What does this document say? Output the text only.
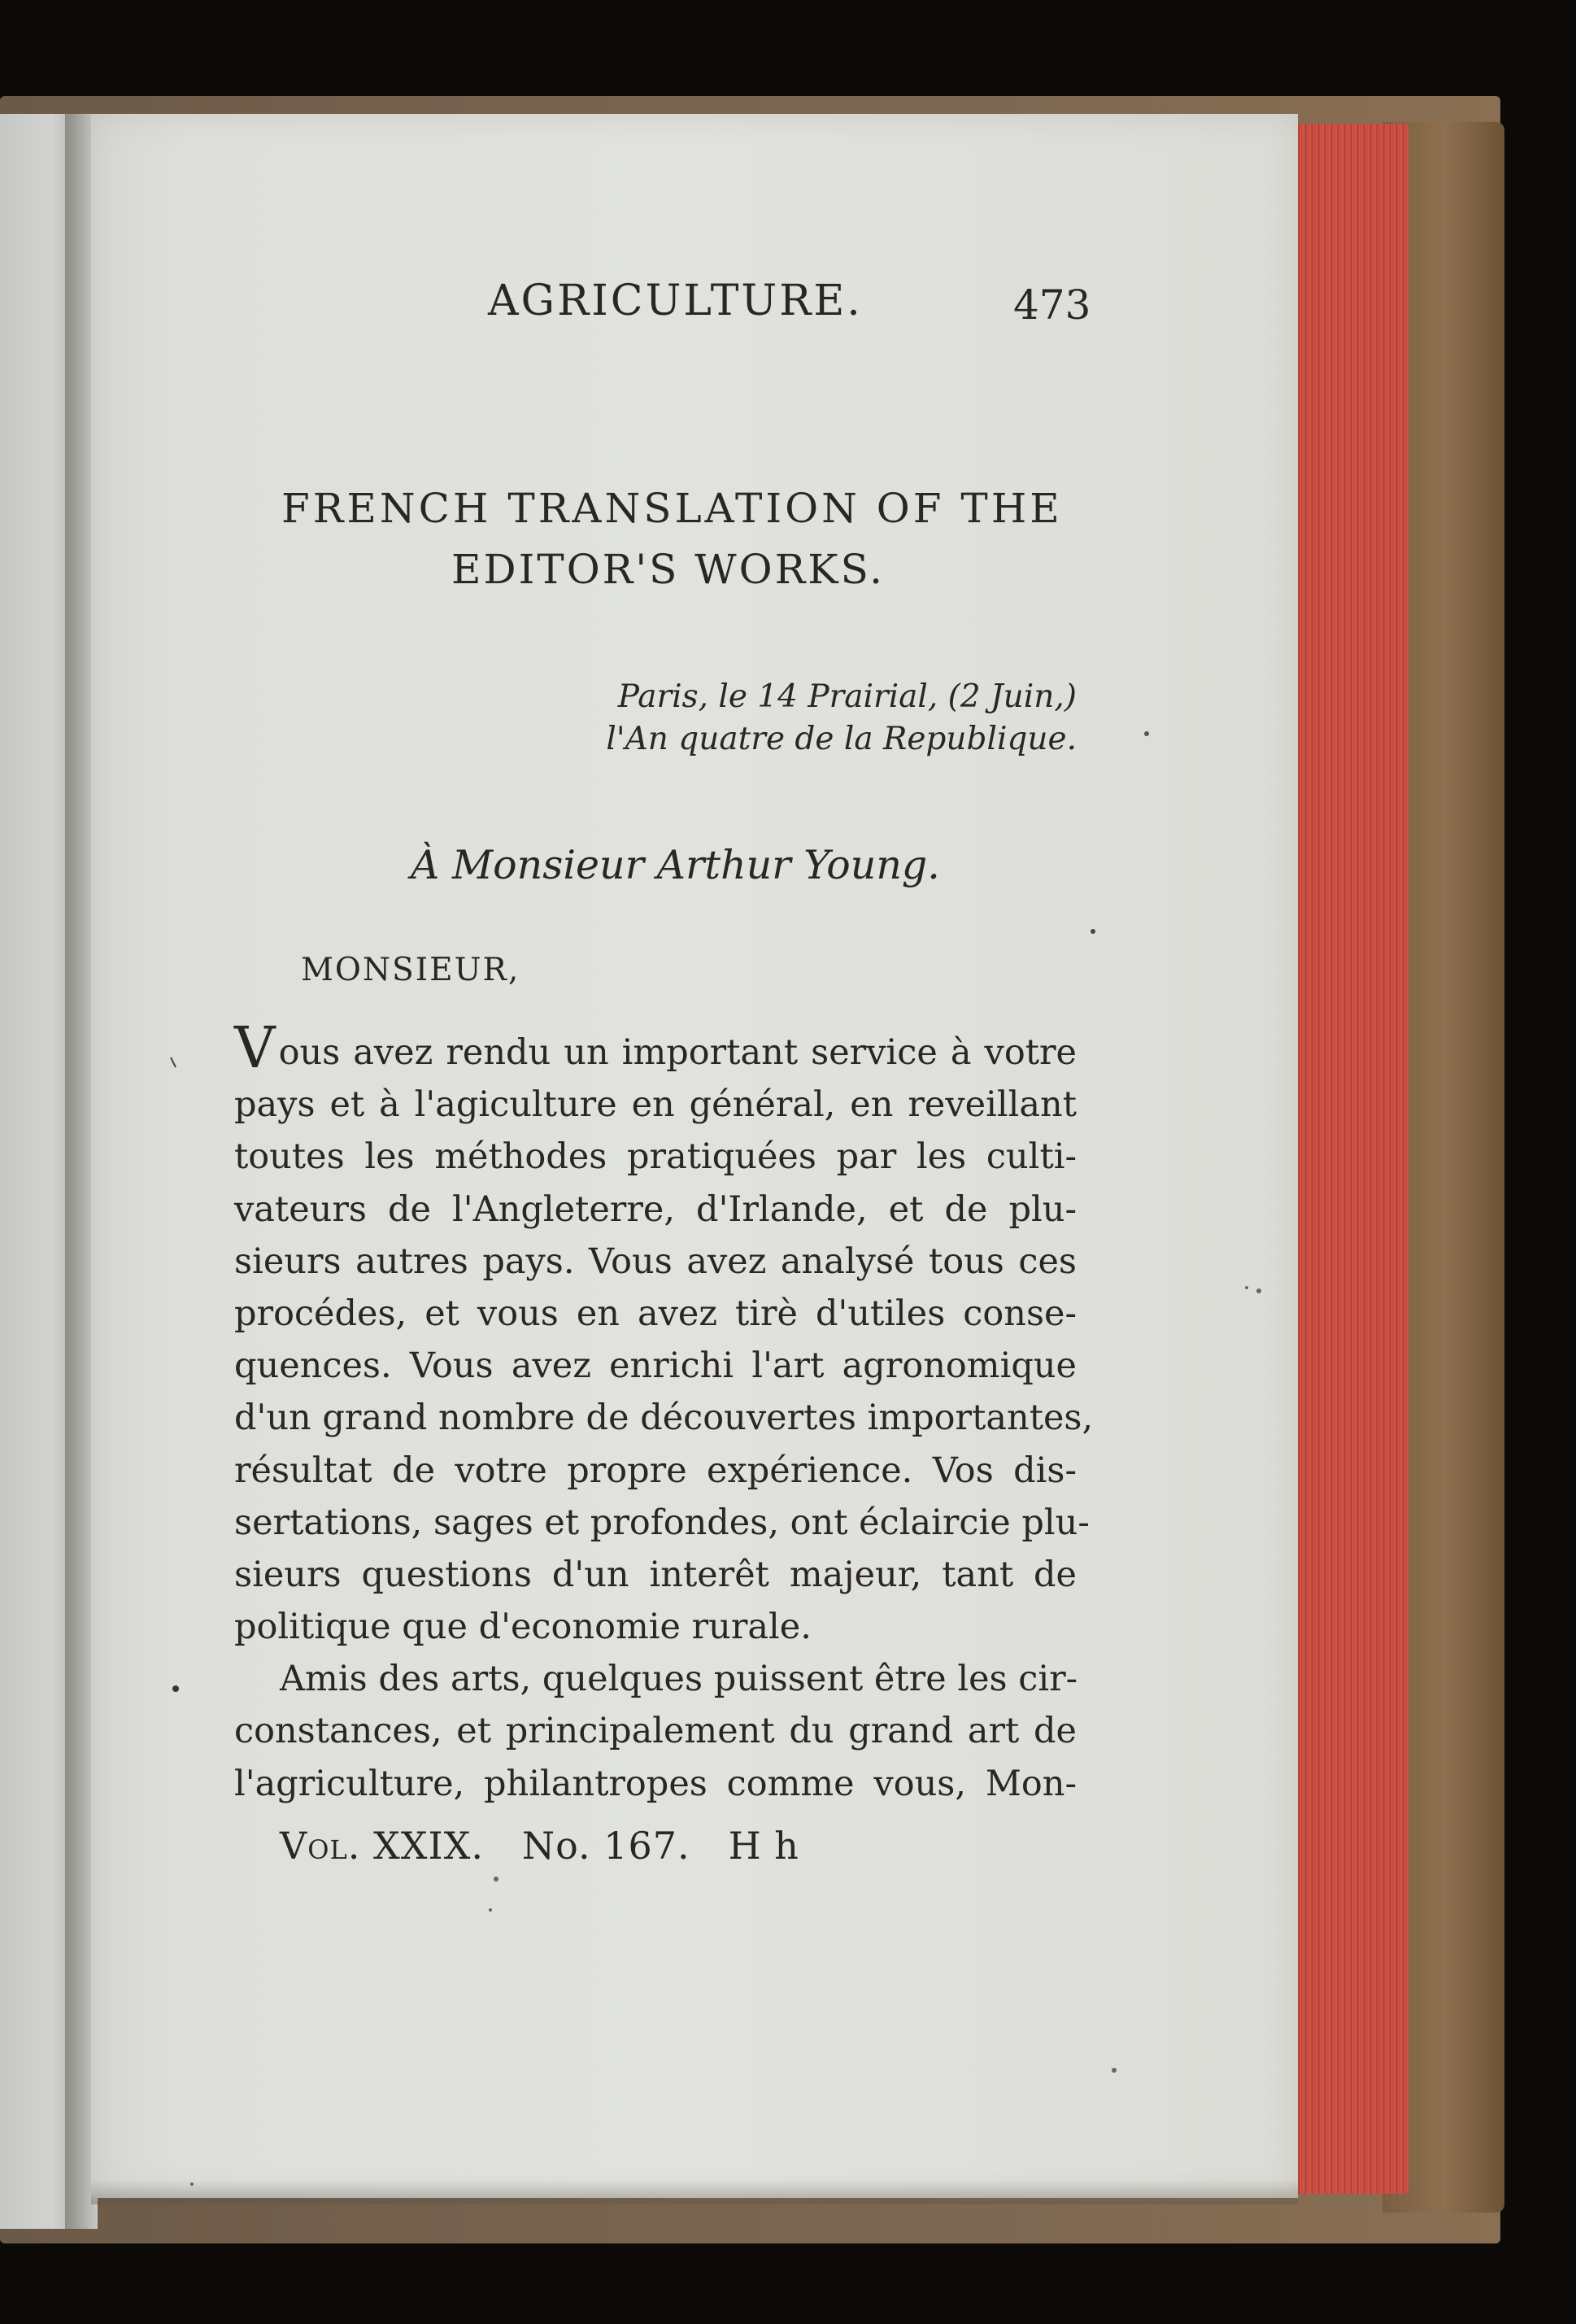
AGRICULTURE.	473
FRENCH TRANSLATION OF THE
EDITOR'S WORKS.
Paris, le 14 Prairial, (2 Juin,)
l'An quatre de la Republique.
À Monsieur Arthur Young.
MONSIEUR,
Vous avez rendu un important service à votre
pays et à l'agiculture en général, en reveillant
toutes les méthodes pratiquées par les culti-
vateurs de l'Angleterre, d'Irlande, et de plu-
sieurs autres pays. Vous avez analysé tous ces
procédes, et vous en avez tirè d'utiles conse-
quences. Vous avez enrichi l'art agronomique
d'un grand nombre de découvertes importantes,
résultat de votre propre expérience. Vos dis-
sertations, sages et profondes, ont éclaircie plu-
sieurs questions d'un interêt majeur, tant de
politique que d'economie rurale.
Amis des arts, quelques puissent être les cir-
constances, et principalement du grand art de
l'agriculture, philantropes comme vous, Mon-
Vol. XXIX. No. 167. H h
